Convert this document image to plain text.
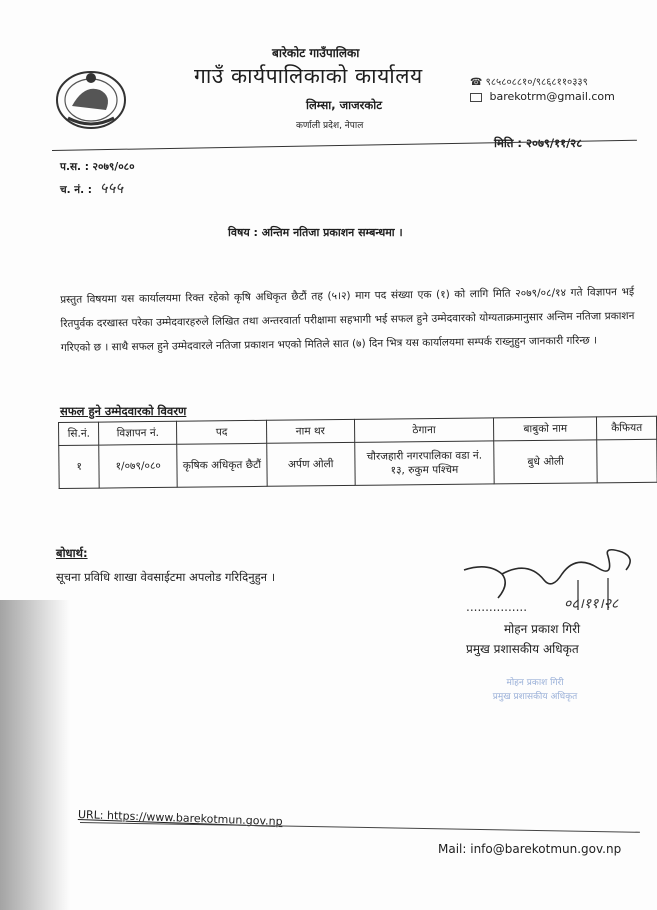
बारेकोट गाउँपालिका
गाउँ कार्यपालिकाको कार्यालय
लिम्सा, जाजरकोट
कर्णाली प्रदेश, नेपाल
☎ ९८५८०८८१०/९८६८११०३३९
barekotrm@gmail.com
मिति : २०७९/११/२८
प.स. : २०७९/०८०
च. नं. : ५५५
विषय : अन्तिम नतिजा प्रकाशन सम्बन्धमा ।
प्रस्तुत विषयमा यस कार्यालयमा रिक्त रहेको कृषि अधिकृत छैटौं तह (५।२) माग पद संख्या एक (१) को लागि मिति २०७९/०८/१४ गते विज्ञापन भई रितपुर्वक दरखास्त परेका उम्मेदवारहरुले लिखित तथा अन्तरवार्ता परीक्षामा सहभागी भई सफल हुने उम्मेदवारको योग्यताक्रमानुसार अन्तिम नतिजा प्रकाशन गरिएको छ । साथै सफल हुने उम्मेदवारले नतिजा प्रकाशन भएको मितिले सात (७) दिन भित्र यस कार्यालयमा सम्पर्क राख्नुहुन जानकारी गरिन्छ ।
सफल हुने उम्मेदवारको विवरण
सि.नं.	विज्ञापन नं.	पद	नाम थर	ठेगाना	बाबुको नाम	कैफियत
१	१/०७९/०८०	कृषिक अधिकृत छैटौं	अर्पण ओली	चौरजहारी नगरपालिका वडा नं. १३, रुकुम पश्चिम	बुधे ओली	
बोधार्थ:
सूचना प्रविधि शाखा वेवसाईटमा अपलोड गरिदिनुहुन ।
०८।११।२८
................
मोहन प्रकाश गिरी
प्रमुख प्रशासकीय अधिकृत
मोहन प्रकाश गिरी
प्रमुख प्रशासकीय अधिकृत
URL: https://www.barekotmun.gov.np
Mail: info@barekotmun.gov.np
